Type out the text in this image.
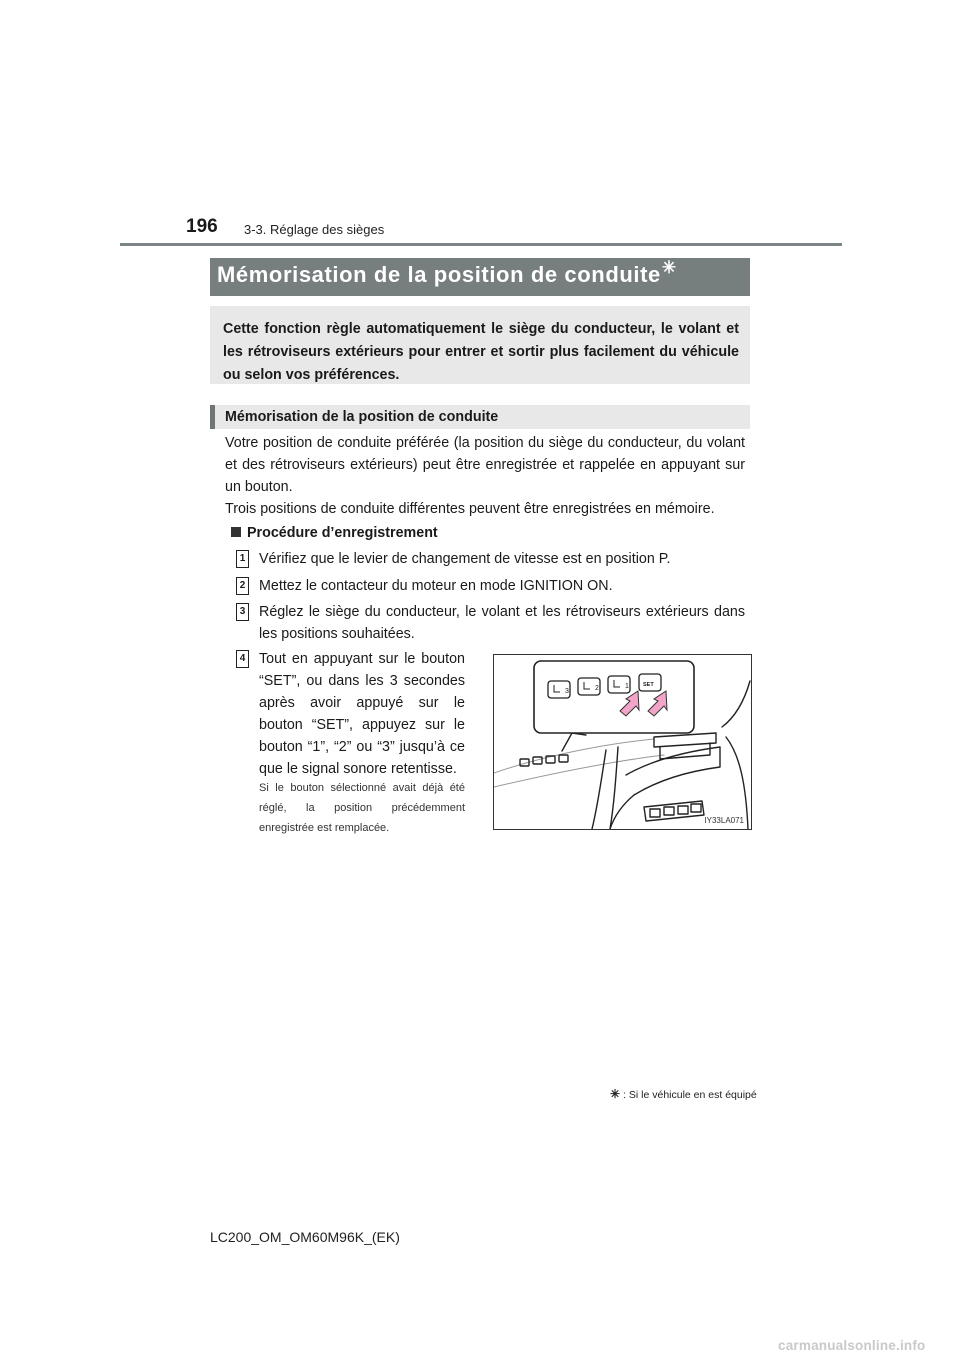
196 3-3. Réglage des sièges
Mémorisation de la position de conduite✳
Cette fonction règle automatiquement le siège du conducteur, le volant et les rétroviseurs extérieurs pour entrer et sortir plus facilement du véhicule ou selon vos préférences.
Mémorisation de la position de conduite

Votre position de conduite préférée (la position du siège du conducteur, du volant et des rétroviseurs extérieurs) peut être enregistrée et rappelée en appuyant sur un bouton.

Trois positions de conduite différentes peuvent être enregistrées en mémoire.

Procédure d’enregistrement
1 Vérifiez que le levier de changement de vitesse est en position P.
2 Mettez le contacteur du moteur en mode IGNITION ON.
3 Réglez le siège du conducteur, le volant et les rétroviseurs extérieurs dans les positions souhaitées.
4 Tout en appuyant sur le bouton “SET”, ou dans les 3 secondes après avoir appuyé sur le bouton “SET”, appuyez sur le bouton “1”, “2” ou “3” jusqu’à ce que le signal sonore retentisse.
Si le bouton sélectionné avait déjà été réglé, la position précédemment enregistrée est remplacée.
3	2	1	SET
IY33LA071
✳ : Si le véhicule en est équipé
LC200_OM_OM60M96K_(EK)
carmanualsonline.info
